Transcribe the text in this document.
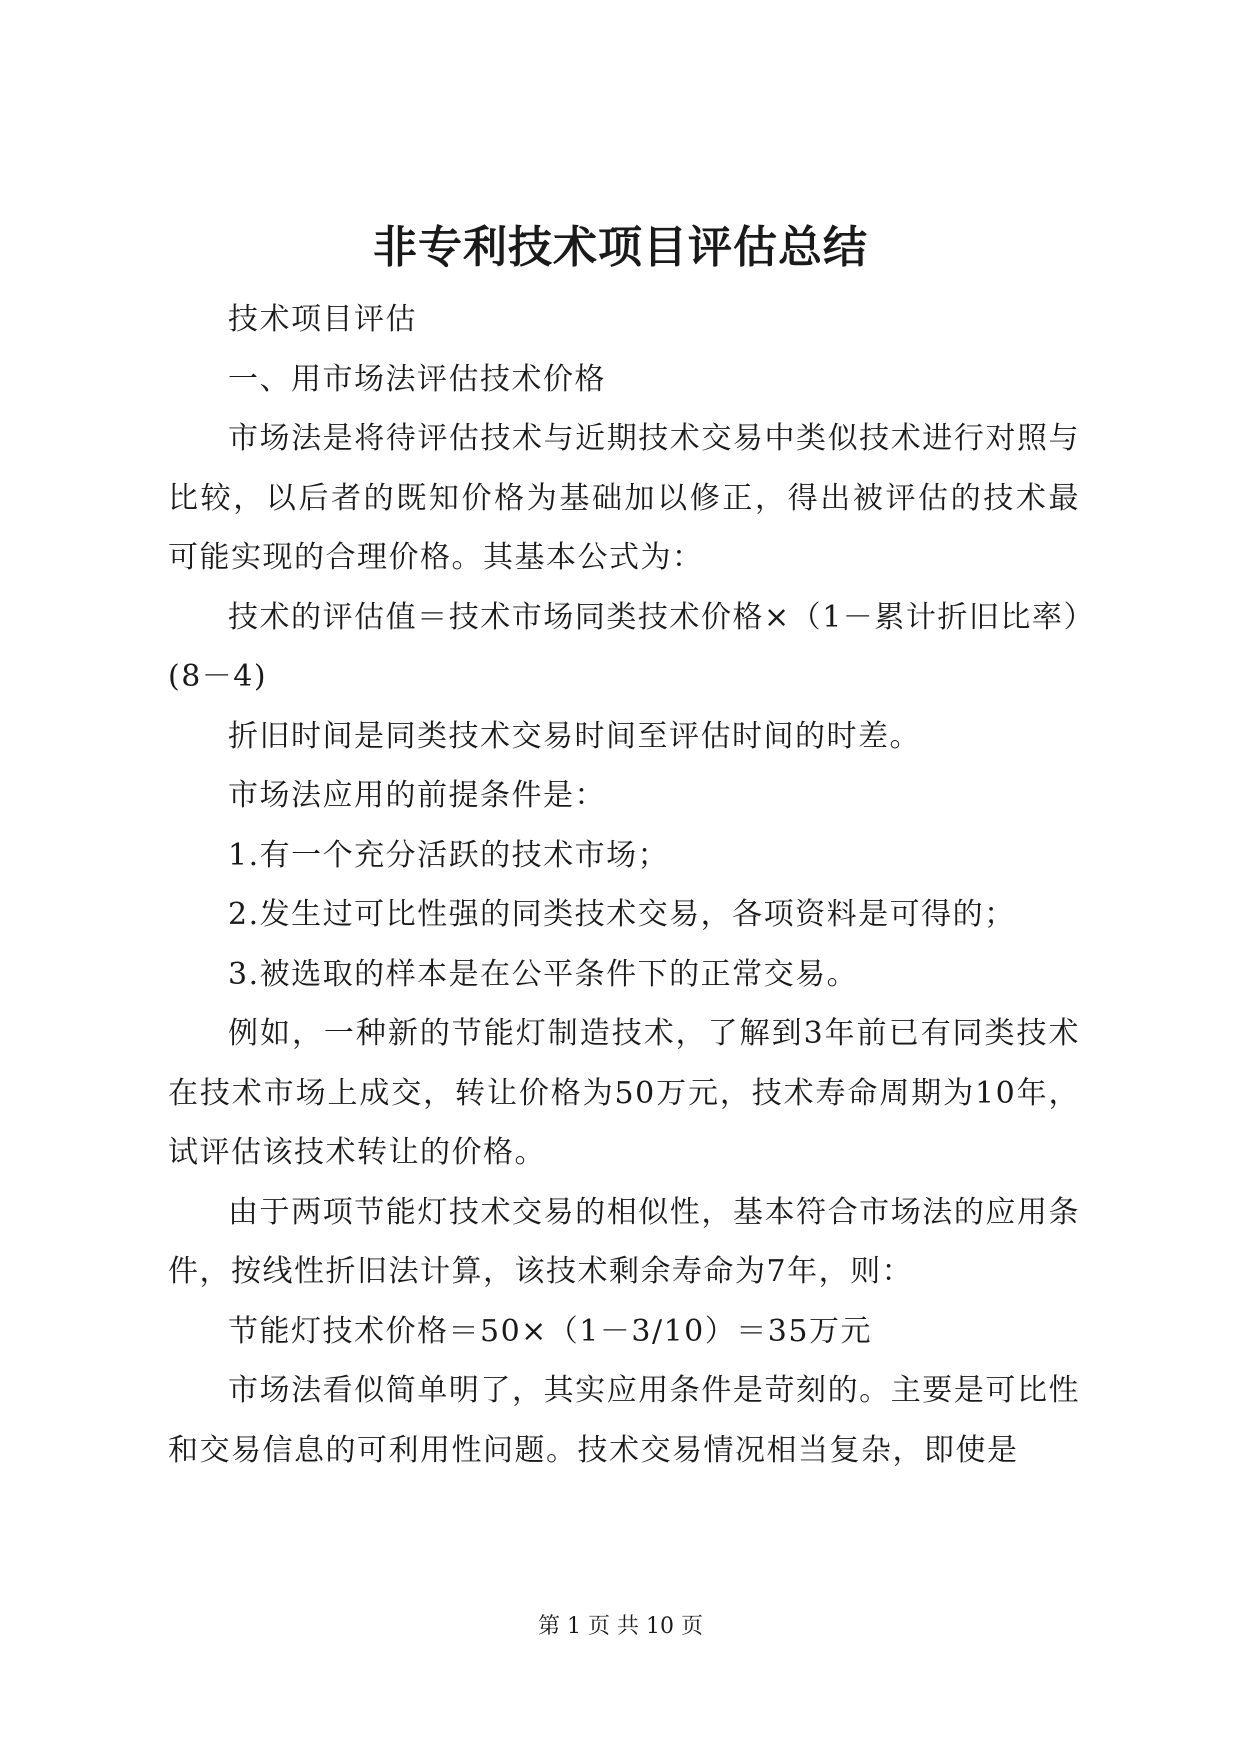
非专利技术项目评估总结

技术项目评估

一、用市场法评估技术价格

市场法是将待评估技术与近期技术交易中类似技术进行对照与比较，以后者的既知价格为基础加以修正，得出被评估的技术最可能实现的合理价格。其基本公式为：

技术的评估值＝技术市场同类技术价格×（1－累计折旧比率）(8－4)

折旧时间是同类技术交易时间至评估时间的时差。

市场法应用的前提条件是：

1.有一个充分活跃的技术市场；

2.发生过可比性强的同类技术交易，各项资料是可得的；

3.被选取的样本是在公平条件下的正常交易。

例如，一种新的节能灯制造技术，了解到3年前已有同类技术在技术市场上成交，转让价格为50万元，技术寿命周期为10年，试评估该技术转让的价格。

由于两项节能灯技术交易的相似性，基本符合市场法的应用条件，按线性折旧法计算，该技术剩余寿命为7年，则：

节能灯技术价格＝50×（1－3/10）＝35万元

市场法看似简单明了，其实应用条件是苛刻的。主要是可比性和交易信息的可利用性问题。技术交易情况相当复杂，即使是

第 1 页 共 10 页
